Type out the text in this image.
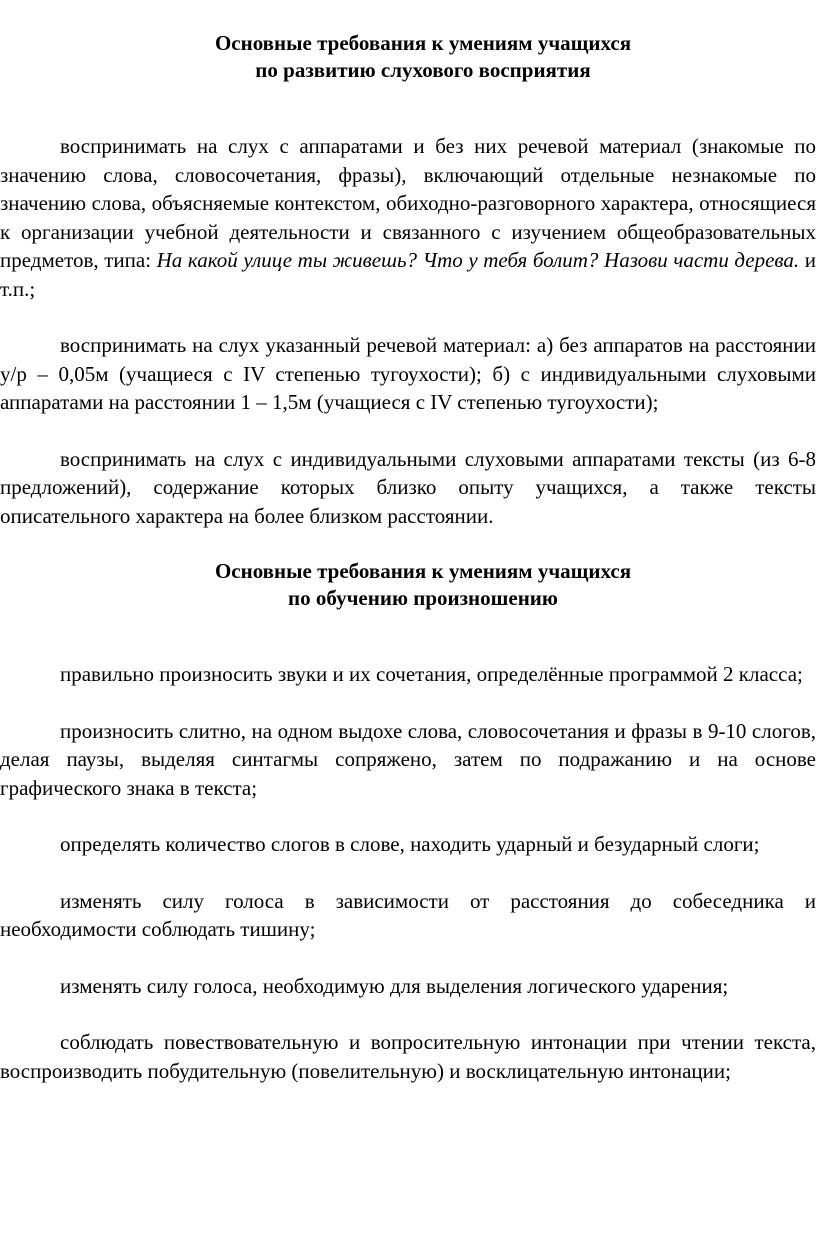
Основные требования к умениям учащихся
по развитию слухового восприятия

воспринимать на слух с аппаратами и без них речевой материал (знакомые по значению слова, словосочетания, фразы), включающий отдельные незнакомые по значению слова, объясняемые контекстом, обиходно-разговорного характера, относящиеся к организации учебной деятельности и связанного с изучением общеобразовательных предметов, типа: На какой улице ты живешь? Что у тебя болит? Назови части дерева. и т.п.;

воспринимать на слух указанный речевой материал: а) без аппаратов на расстоянии у/р – 0,05м (учащиеся с IV степенью тугоухости); б) с индивидуальными слуховыми аппаратами на расстоянии 1 – 1,5м (учащиеся с IV степенью тугоухости);

воспринимать на слух с индивидуальными слуховыми аппаратами тексты (из 6-8 предложений), содержание которых близко опыту учащихся, а также тексты описательного характера на более близком расстоянии.

Основные требования к умениям учащихся
по обучению произношению

правильно произносить звуки и их сочетания, определённые программой 2 класса;

произносить слитно, на одном выдохе слова, словосочетания и фразы в 9-10 слогов, делая паузы, выделяя синтагмы сопряжено, затем по подражанию и на основе графического знака в текста;

определять количество слогов в слове, находить ударный и безударный слоги;

изменять силу голоса в зависимости от расстояния до собеседника и необходимости соблюдать тишину;

изменять силу голоса, необходимую для выделения логического ударения;

соблюдать повествовательную и вопросительную интонации при чтении текста, воспроизводить побудительную (повелительную) и восклицательную интонации;
